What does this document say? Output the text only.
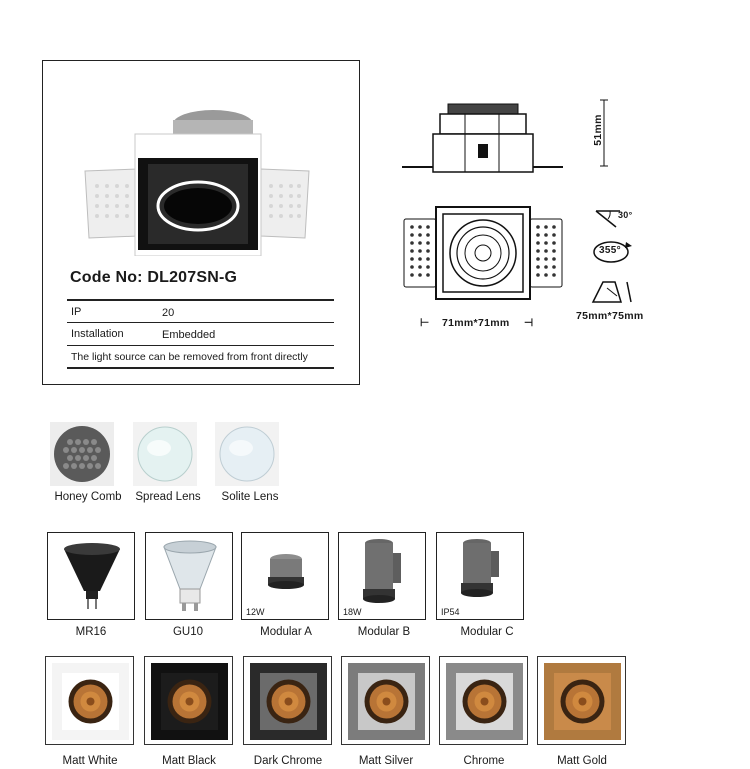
Code No: DL207SN-G
IP	20
Installation	Embedded
The light source can be removed from front directly
51mm
⊢ 71mm*71mm ⊣
30°
355°
75mm*75mm
Honey Comb	Spread Lens	Solite Lens
12W	18W	IP54
MR16	GU10	Modular A	Modular B	Modular C
Matt White	Matt Black	Dark Chrome	Matt Silver	Chrome	Matt Gold
